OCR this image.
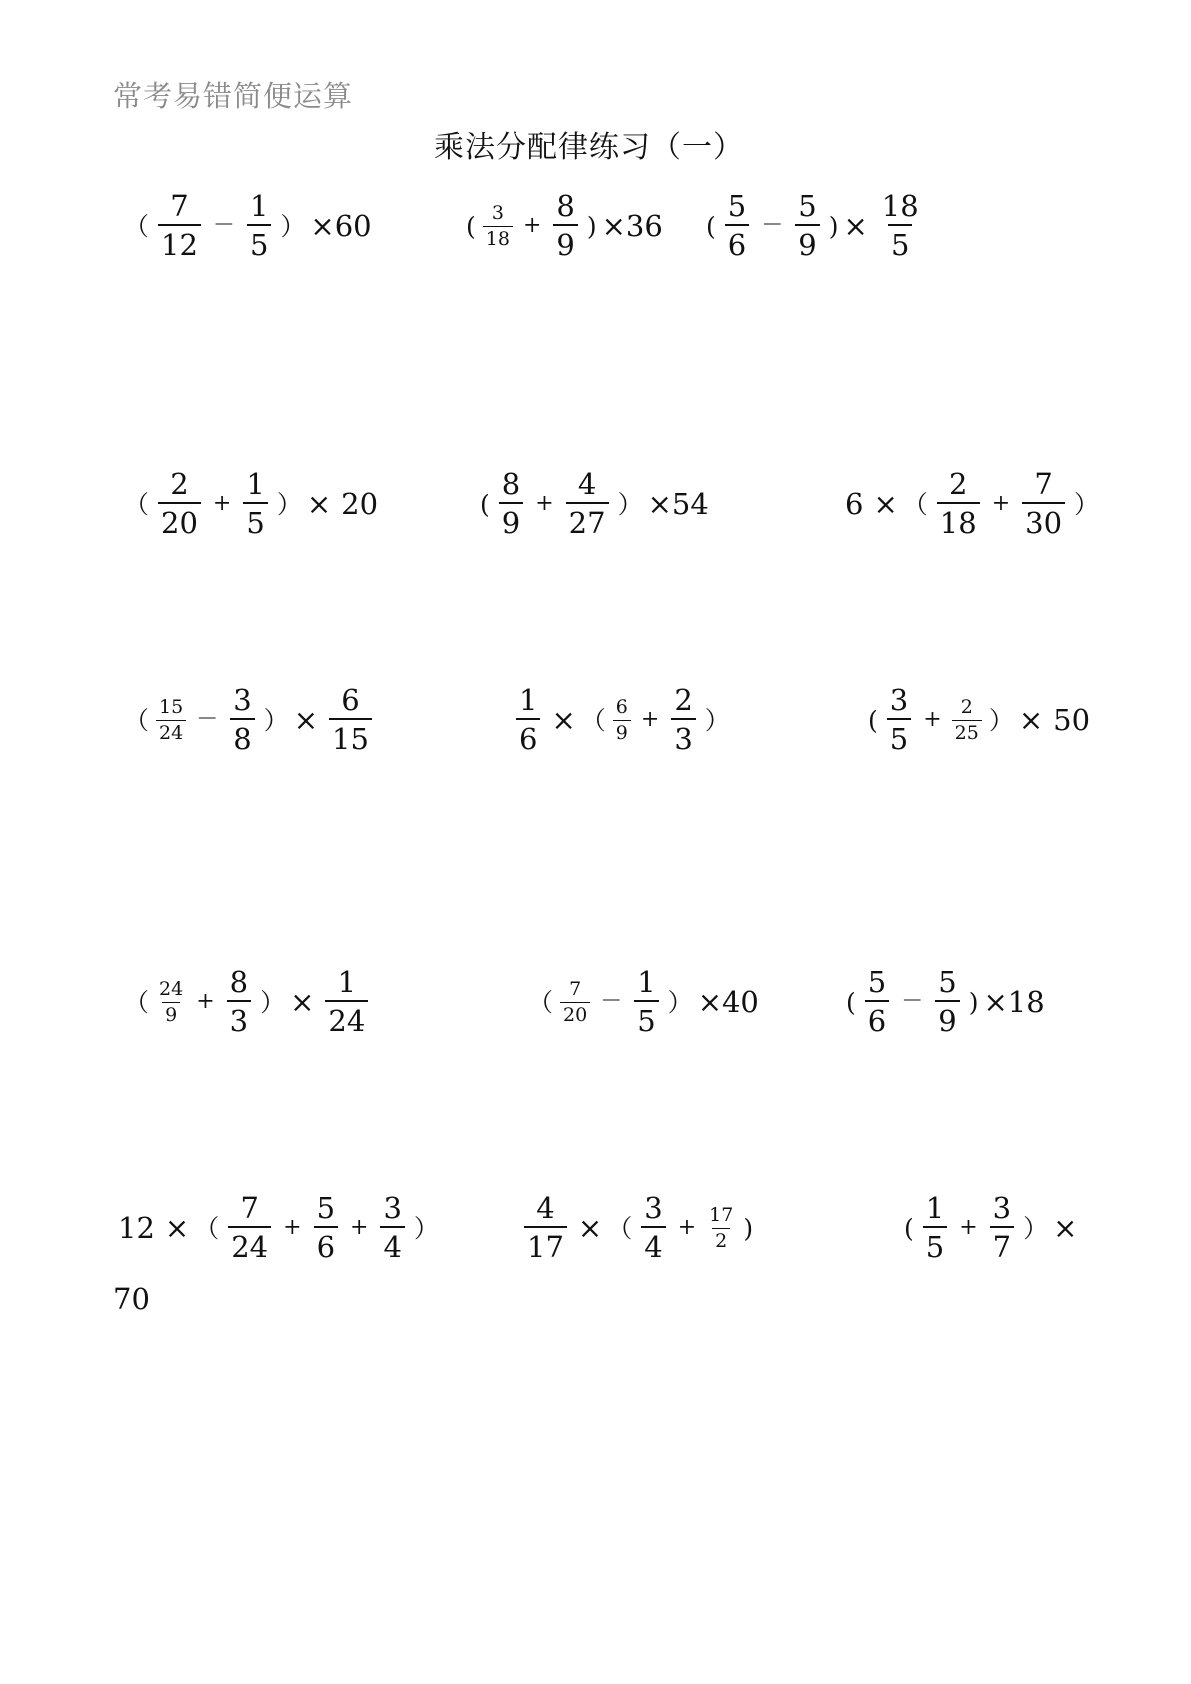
常考易错简便运算
乘法分配律练习（一）
（ $\frac{7}{12} - \frac{1}{5}$ ） ×60	( $\frac{3}{18} + \frac{8}{9}$ ) ×36 ( $\frac{5}{6} - \frac{5}{9}$ ) × $\frac{18}{5}$
（ $\frac{2}{20} + \frac{1}{5}$ ） × 20	( $\frac{8}{9} + \frac{4}{27}$ ） ×54	6 × （ $\frac{2}{18} + \frac{7}{30}$ ）
（ $\frac{15}{24} - \frac{3}{8}$ ） × $\frac{6}{15}$	$\frac{1}{6}$ × （ $\frac{6}{9} + \frac{2}{3}$ ）	( $\frac{3}{5} + \frac{2}{25}$ ） × 50
（ $\frac{24}{9} + \frac{8}{3}$ ） × $\frac{1}{24}$	（ $\frac{7}{20} - \frac{1}{5}$ ） ×40	( $\frac{5}{6} - \frac{5}{9}$ ) ×18
12 × （ $\frac{7}{24} + \frac{5}{6} + \frac{3}{4}$ ）	$\frac{4}{17}$ × （ $\frac{3}{4} + \frac{17}{2}$ )	( $\frac{1}{5} + \frac{3}{7}$ ） ×
70
